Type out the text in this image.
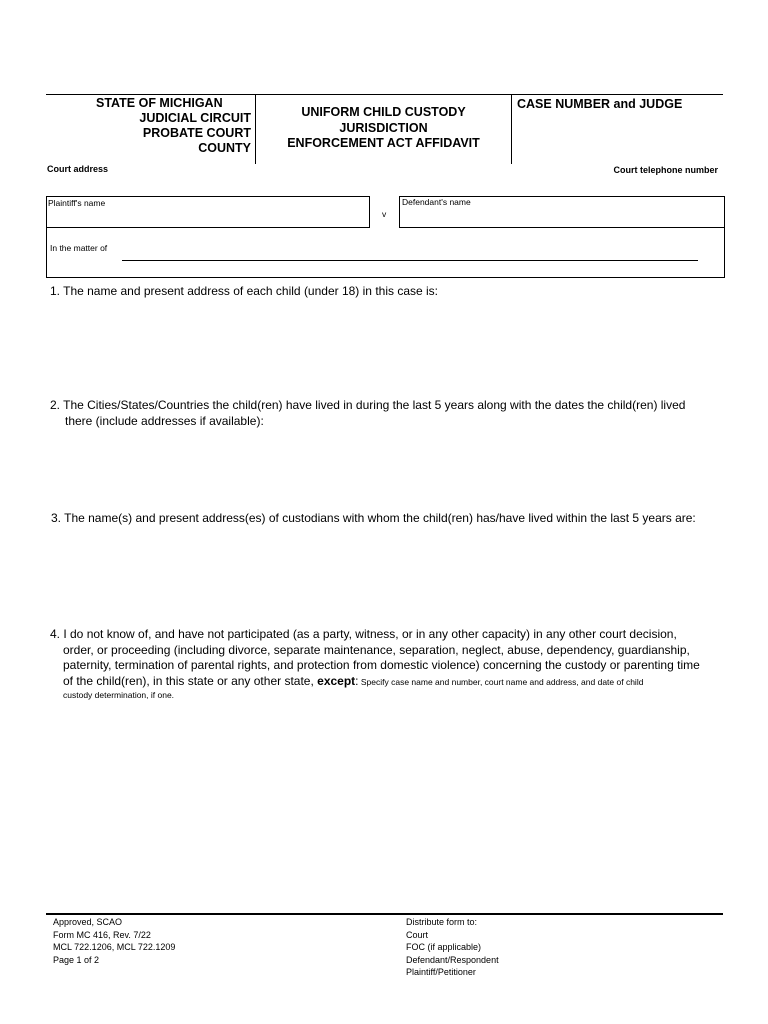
STATE OF MICHIGAN
JUDICIAL CIRCUIT
PROBATE COURT
COUNTY
UNIFORM CHILD CUSTODY
JURISDICTION
ENFORCEMENT ACT AFFIDAVIT
CASE NUMBER and JUDGE
Court address	Court telephone number
Plaintiff's name
v
Defendant's name
In the matter of
1. The name and present address of each child (under 18) in this case is:
2. The Cities/States/Countries the child(ren) have lived in during the last 5 years along with the dates the child(ren) lived
there (include addresses if available):
3. The name(s) and present address(es) of custodians with whom the child(ren) has/have lived within the last 5 years are:
4. I do not know of, and have not participated (as a party, witness, or in any other capacity) in any other court decision,
order, or proceeding (including divorce, separate maintenance, separation, neglect, abuse, dependency, guardianship,
paternity, termination of parental rights, and protection from domestic violence) concerning the custody or parenting time
of the child(ren), in this state or any other state, except: Specify case name and number, court name and address, and date of child
custody determination, if one.
Approved, SCAO
Form MC 416, Rev. 7/22
MCL 722.1206, MCL 722.1209
Page 1 of 2
Distribute form to:
Court
FOC (if applicable)
Defendant/Respondent
Plaintiff/Petitioner
